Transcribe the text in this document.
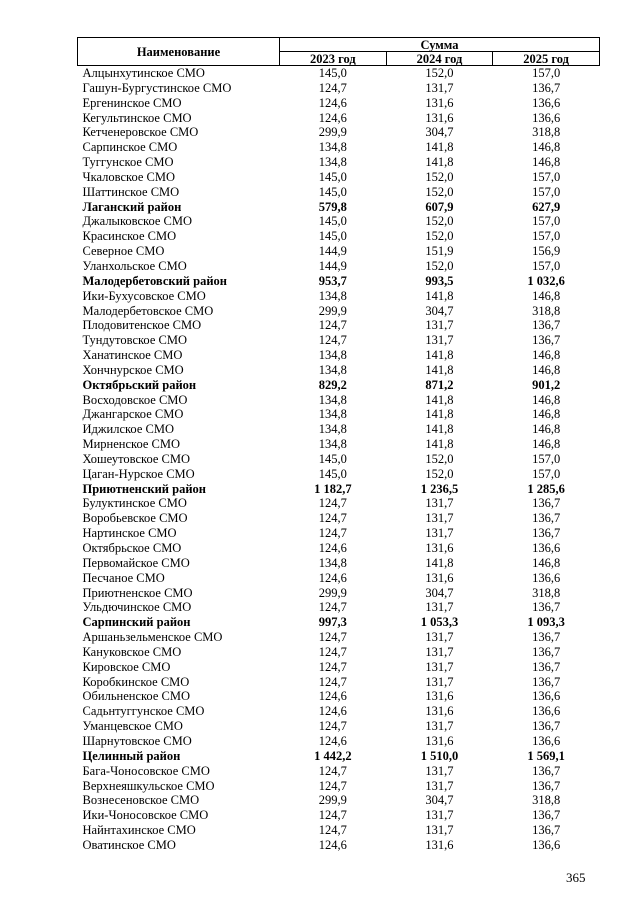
Наименование	Сумма		
	2023 год	2024 год	2025 год
Алцынхутинское СМО	145,0	152,0	157,0
Гашун-Бургустинское СМО	124,7	131,7	136,7
Ергенинское СМО	124,6	131,6	136,6
Кегультинское СМО	124,6	131,6	136,6
Кетченеровское СМО	299,9	304,7	318,8
Сарпинское СМО	134,8	141,8	146,8
Туггунское СМО	134,8	141,8	146,8
Чкаловское СМО	145,0	152,0	157,0
Шаттинское СМО	145,0	152,0	157,0
Лаганский район	579,8	607,9	627,9
Джалыковское СМО	145,0	152,0	157,0
Красинское СМО	145,0	152,0	157,0
Северное СМО	144,9	151,9	156,9
Уланхольское СМО	144,9	152,0	157,0
Малодербетовский район	953,7	993,5	1 032,6
Ики-Бухусовское СМО	134,8	141,8	146,8
Малодербетовское СМО	299,9	304,7	318,8
Плодовитенское СМО	124,7	131,7	136,7
Тундутовское СМО	124,7	131,7	136,7
Ханатинское СМО	134,8	141,8	146,8
Хончнурское СМО	134,8	141,8	146,8
Октябрьский район	829,2	871,2	901,2
Восходовское СМО	134,8	141,8	146,8
Джангарское СМО	134,8	141,8	146,8
Иджилское СМО	134,8	141,8	146,8
Мирненское СМО	134,8	141,8	146,8
Хошеутовское СМО	145,0	152,0	157,0
Цаган-Нурское СМО	145,0	152,0	157,0
Приютненский район	1 182,7	1 236,5	1 285,6
Булуктинское СМО	124,7	131,7	136,7
Воробьевское СМО	124,7	131,7	136,7
Нартинское СМО	124,7	131,7	136,7
Октябрьское СМО	124,6	131,6	136,6
Первомайское СМО	134,8	141,8	146,8
Песчаное СМО	124,6	131,6	136,6
Приютненское СМО	299,9	304,7	318,8
Ульдючинское СМО	124,7	131,7	136,7
Сарпинский район	997,3	1 053,3	1 093,3
Аршаньзельменское СМО	124,7	131,7	136,7
Кануковское СМО	124,7	131,7	136,7
Кировское СМО	124,7	131,7	136,7
Коробкинское СМО	124,7	131,7	136,7
Обильненское СМО	124,6	131,6	136,6
Садьнтуггунское СМО	124,6	131,6	136,6
Уманцевское СМО	124,7	131,7	136,7
Шарнутовское СМО	124,6	131,6	136,6
Целинный район	1 442,2	1 510,0	1 569,1
Бага-Чоносовское СМО	124,7	131,7	136,7
Верхнеяшкульское СМО	124,7	131,7	136,7
Вознесеновское СМО	299,9	304,7	318,8
Ики-Чоносовское СМО	124,7	131,7	136,7
Найнтахинское СМО	124,7	131,7	136,7
Оватинское СМО	124,6	131,6	136,6
365
